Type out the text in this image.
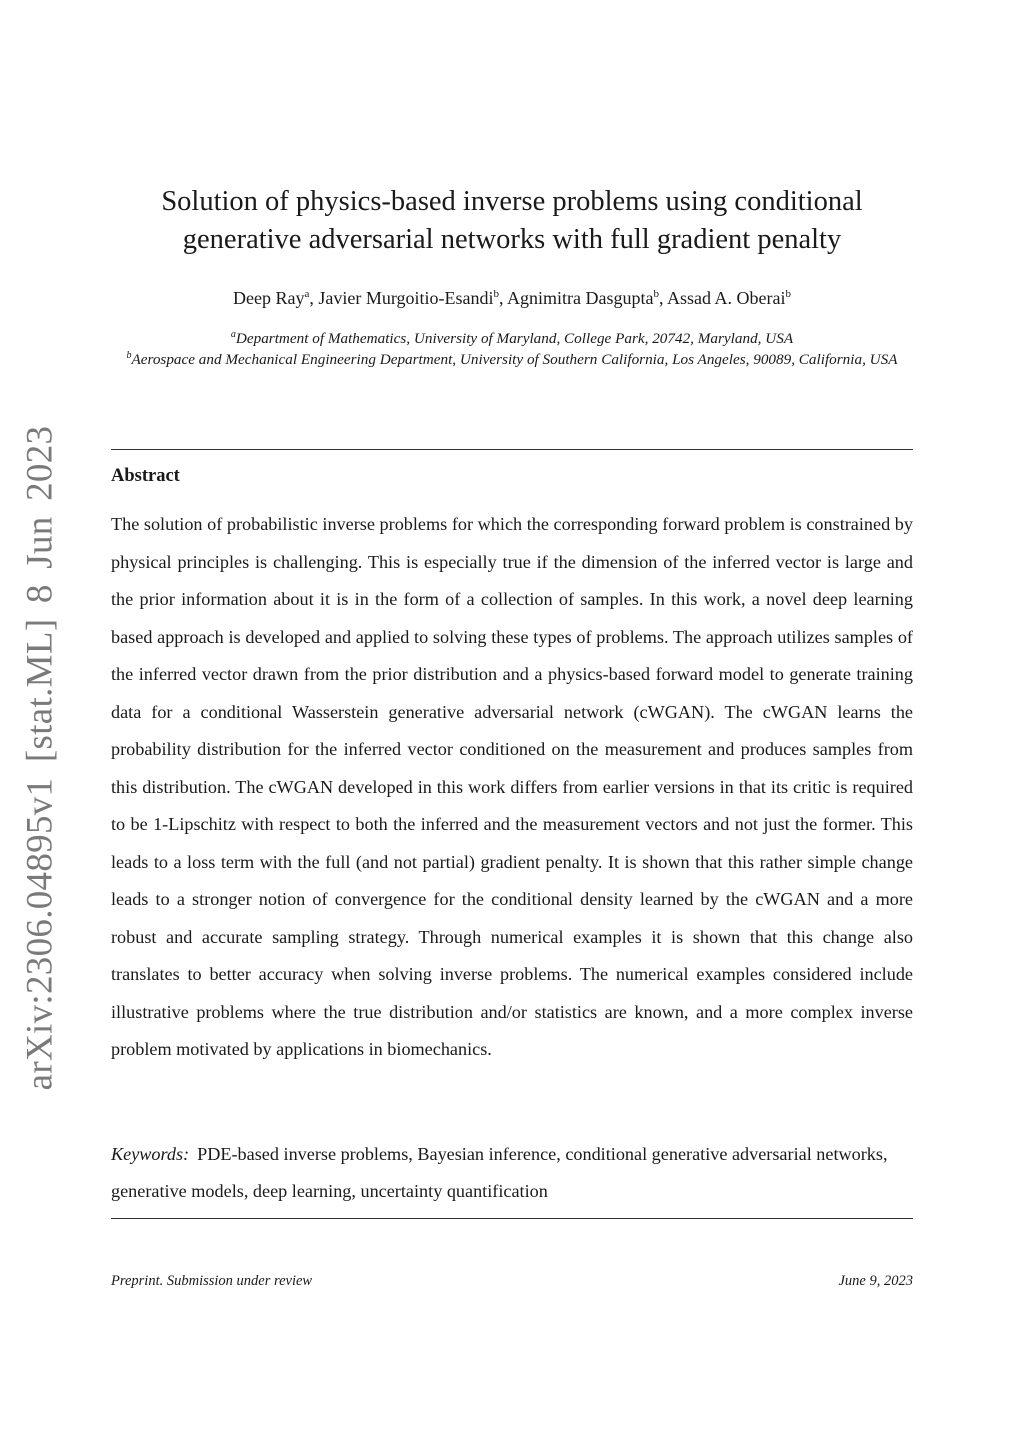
arXiv:2306.04895v1 [stat.ML] 8 Jun 2023
Solution of physics-based inverse problems using conditional
generative adversarial networks with full gradient penalty
Deep Ray$^a$, Javier Murgoitio-Esandi$^b$, Agnimitra Dasgupta$^b$, Assad A. Oberai$^b$
$^a$Department of Mathematics, University of Maryland, College Park, 20742, Maryland, USA
$^b$Aerospace and Mechanical Engineering Department, University of Southern California, Los Angeles, 90089, California, USA
Abstract

The solution of probabilistic inverse problems for which the corresponding forward problem is constrained by physical principles is challenging. This is especially true if the dimension of the inferred vector is large and the prior information about it is in the form of a collection of samples. In this work, a novel deep learning based approach is developed and applied to solving these types of problems. The approach utilizes samples of the inferred vector drawn from the prior distribution and a physics-based forward model to generate training data for a conditional Wasserstein generative adversarial network (cWGAN). The cWGAN learns the probability distribution for the inferred vector conditioned on the measurement and produces samples from this distribution. The cWGAN developed in this work differs from earlier versions in that its critic is required to be 1-Lipschitz with respect to both the inferred and the measurement vectors and not just the former. This leads to a loss term with the full (and not partial) gradient penalty. It is shown that this rather simple change leads to a stronger notion of convergence for the conditional density learned by the cWGAN and a more robust and accurate sampling strategy. Through numerical examples it is shown that this change also translates to better accuracy when solving inverse problems. The numerical examples considered include illustrative problems where the true distribution and/or statistics are known, and a more complex inverse problem motivated by applications in biomechanics.

Keywords: PDE-based inverse problems, Bayesian inference, conditional generative adversarial networks, generative models, deep learning, uncertainty quantification

Preprint. Submission under review	June 9, 2023
